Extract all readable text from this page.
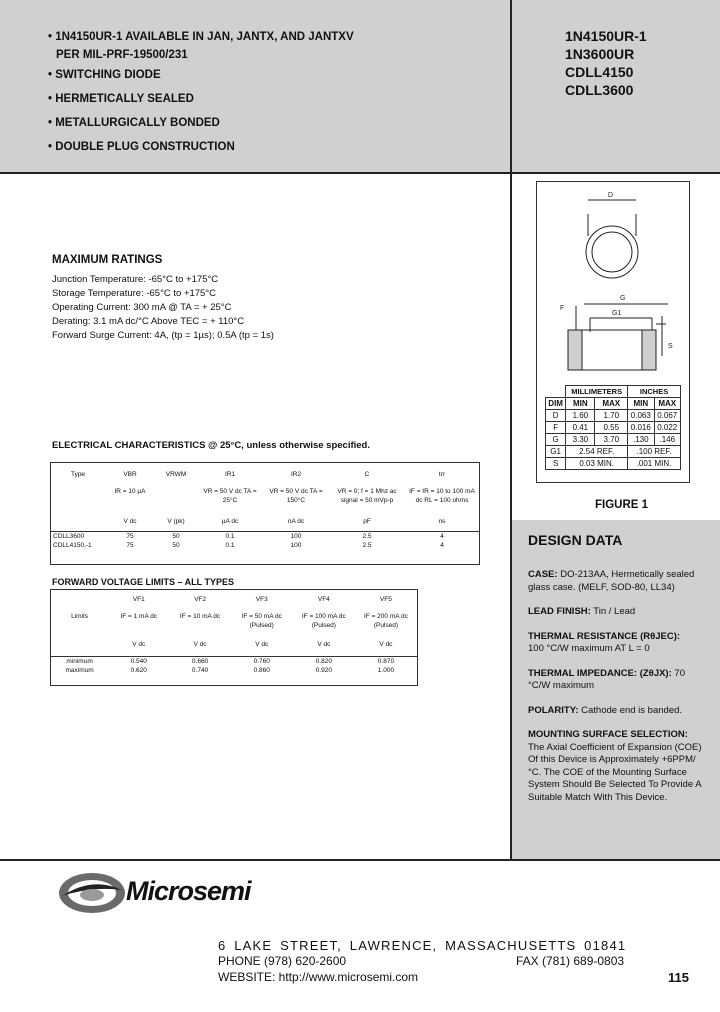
• 1N4150UR-1 AVAILABLE IN JAN, JANTX, AND JANTXV
PER MIL-PRF-19500/231
• SWITCHING DIODE
• HERMETICALLY SEALED
• METALLURGICALLY BONDED
• DOUBLE PLUG CONSTRUCTION
1N4150UR-1
1N3600UR
CDLL4150
CDLL3600
MAXIMUM RATINGS
Junction Temperature: -65°C to +175°C
Storage Temperature: -65°C to +175°C
Operating Current: 300 mA @ TA = + 25°C
Derating: 3.1 mA dc/°C Above TEC = + 110°C
Forward Surge Current: 4A, (tp = 1µs); 0.5A (tp = 1s)
ELECTRICAL CHARACTERISTICS @ 25°C, unless otherwise specified.
Type	VBR	VRWM	IR1	IR2	C	trr
	IR = 10 µA		VR = 50 V dc TA = 25°C	VR = 50 V dc TA = 150°C	VR = 0; f = 1 Mhz ac signal = 50 mVp-p	IF = IR = 10 to 100 mA dc RL = 100 ohms
	V dc	V (pk)	µA dc	nA dc	pF	ns
CDLL3600	75	50	0.1	100	2.5	4
CDLL4150,-1	75	50	0.1	100	2.5	4
FORWARD VOLTAGE LIMITS – ALL TYPES
	VF1	VF2	VF3	VF4	VF5
Limits	IF = 1 mA dc	IF = 10 mA dc	IF = 50 mA dc (Pulsed)	IF = 100 mA dc (Pulsed)	IF = 200 mA dc (Pulsed)
	V dc	V dc	V dc	V dc	V dc
minimum	0.540	0.660	0.760	0.820	0.870
maximum	0.620	0.740	0.860	0.920	1.000
D
G
G1
F
S
	MILLIMETERS		INCHES	
DIM	MIN	MAX	MIN	MAX
D	1.60	1.70	0.063	0.067
F	0.41	0.55	0.016	0.022
G	3.30	3.70	.130	.146
G1	2.54 REF.		.100 REF.	
S	0.03 MIN.		.001 MIN.	
FIGURE 1
DESIGN DATA
CASE: DO-213AA, Hermetically sealed glass case. (MELF, SOD-80, LL34)
LEAD FINISH: Tin / Lead
THERMAL RESISTANCE (RθJEC):
100 °C/W maximum AT L = 0
THERMAL IMPEDANCE: (ZθJX): 70 °C/W maximum
POLARITY: Cathode end is banded.
MOUNTING SURFACE SELECTION:
The Axial Coefficient of Expansion (COE) Of this Device is Approximately +6PPM/°C. The COE of the Mounting Surface System Should Be Selected To Provide A Suitable Match With This Device.
Microsemi
6 LAKE STREET, LAWRENCE, MASSACHUSETTS 01841
PHONE (978) 620-2600	FAX (781) 689-0803
WEBSITE: http://www.microsemi.com	115
